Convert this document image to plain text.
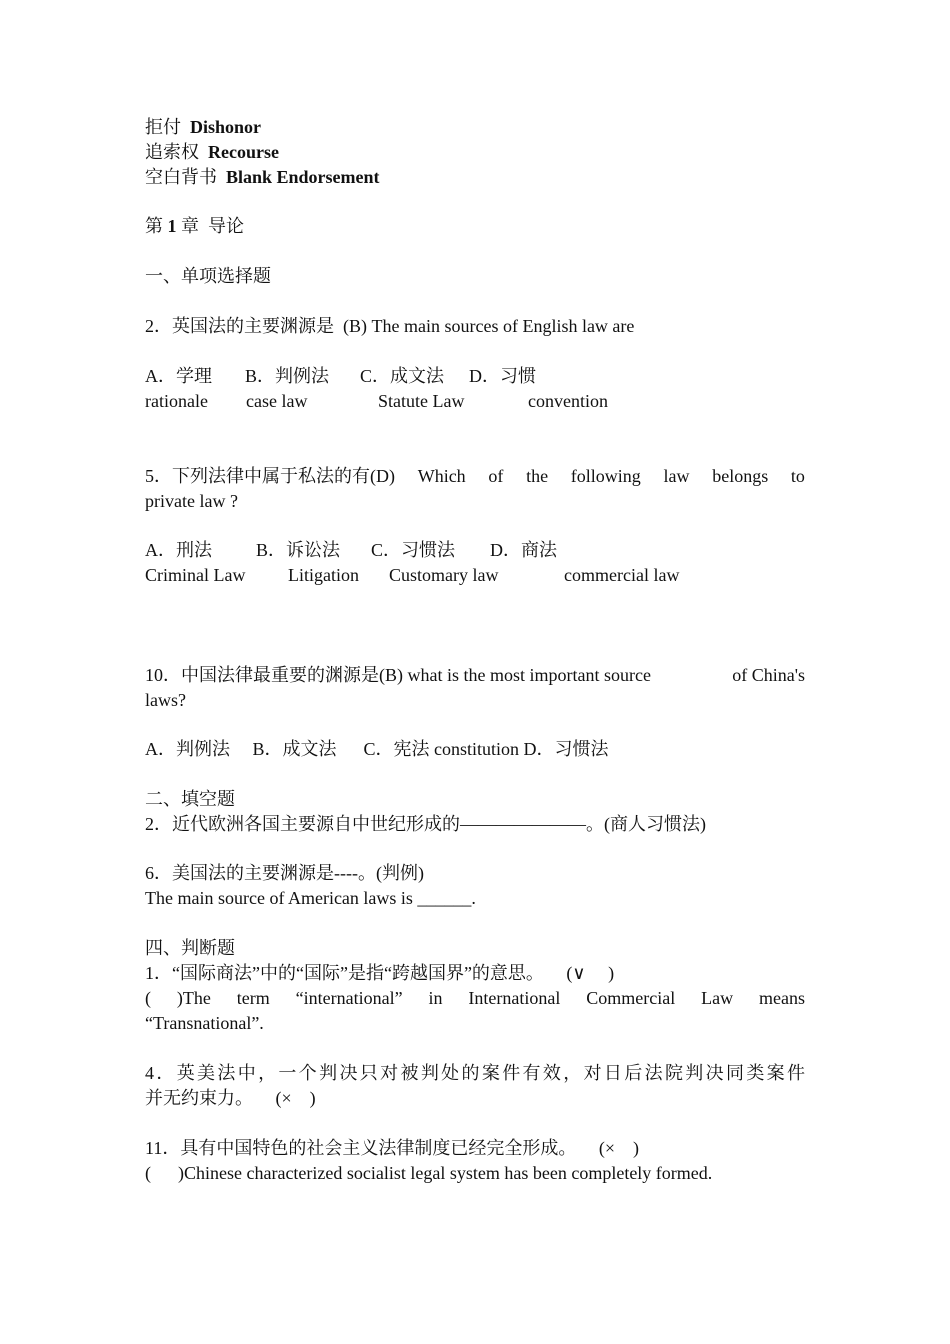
拒付 Dishonor
追索权 Recourse
空白背书 Blank Endorsement
第 1 章  导论
一、单项选择题
2．英国法的主要渊源是  (B) The main sources of English law are
A．学理 B．判例法 C．成文法 D．习惯
rationale case law	Statute Law	convention
5．下列法律中属于私法的有(D) Which of the following law belongs to
private law ?
A．刑法 B．诉讼法 C．习惯法 D．商法
Criminal Law Litigation Customary law	commercial law
10．中国法律最重要的渊源是(B) what is the most important source	of China's
laws?
A．判例法     B．成文法      C．宪法 constitution D．习惯法
二、填空题
2．近代欧洲各国主要源自中世纪形成的———————。(商人习惯法)
6．美国法的主要渊源是----。(判例)
The main source of American laws is ______.
四、判断题
1．“国际商法”中的“国际”是指“跨越国界”的意思。     (∨     )
( )The term “international” in International Commercial Law means
“Transnational”.
4 ． 英 美 法 中 ， 一 个 判 决 只 对 被 判 处 的 案 件 有 效 ， 对 日 后 法 院 判 决 同 类 案 件
并无约束力。     (×    )
11．具有中国特色的社会主义法律制度已经完全形成。     (×    )
(      )Chinese characterized socialist legal system has been completely formed.
